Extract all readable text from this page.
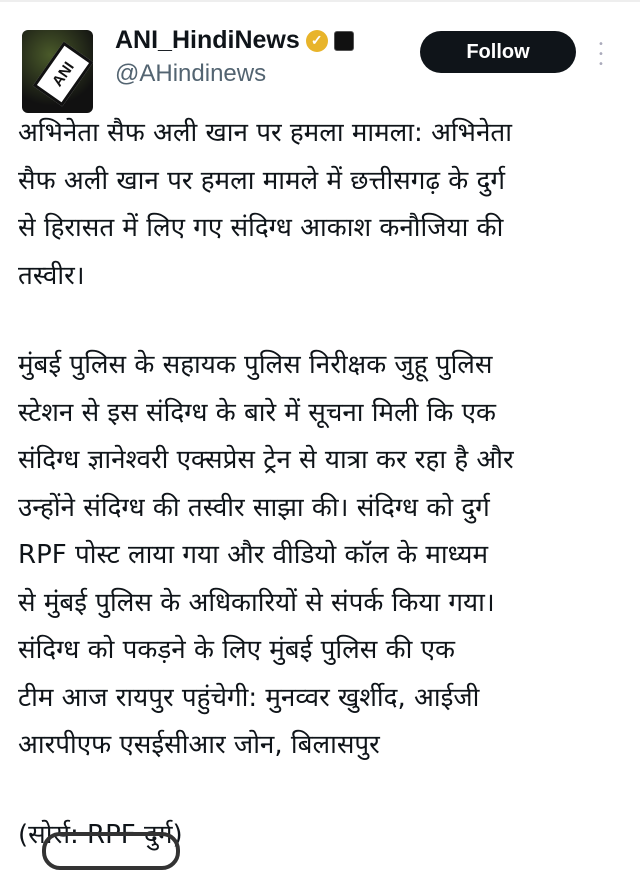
ANI
ANI_HindiNews ✓
@AHindinews
Follow	•
•
•
अभिनेता सैफ अली खान पर हमला मामला: अभिनेता
सैफ अली खान पर हमला मामले में छत्तीसगढ़ के दुर्ग
से हिरासत में लिए गए संदिग्ध आकाश कनौजिया की
तस्वीर।
मुंबई पुलिस के सहायक पुलिस निरीक्षक जुहू पुलिस
स्टेशन से इस संदिग्ध के बारे में सूचना मिली कि एक
संदिग्ध ज्ञानेश्वरी एक्सप्रेस ट्रेन से यात्रा कर रहा है और
उन्होंने संदिग्ध की तस्वीर साझा की। संदिग्ध को दुर्ग
RPF पोस्ट लाया गया और वीडियो कॉल के माध्यम
से मुंबई पुलिस के अधिकारियों से संपर्क किया गया।
संदिग्ध को पकड़ने के लिए मुंबई पुलिस की एक
टीम आज रायपुर पहुंचेगी: मुनव्वर खुर्शीद, आईजी
आरपीएफ एसईसीआर जोन, बिलासपुर
(सोर्स: RPF दुर्ग)
